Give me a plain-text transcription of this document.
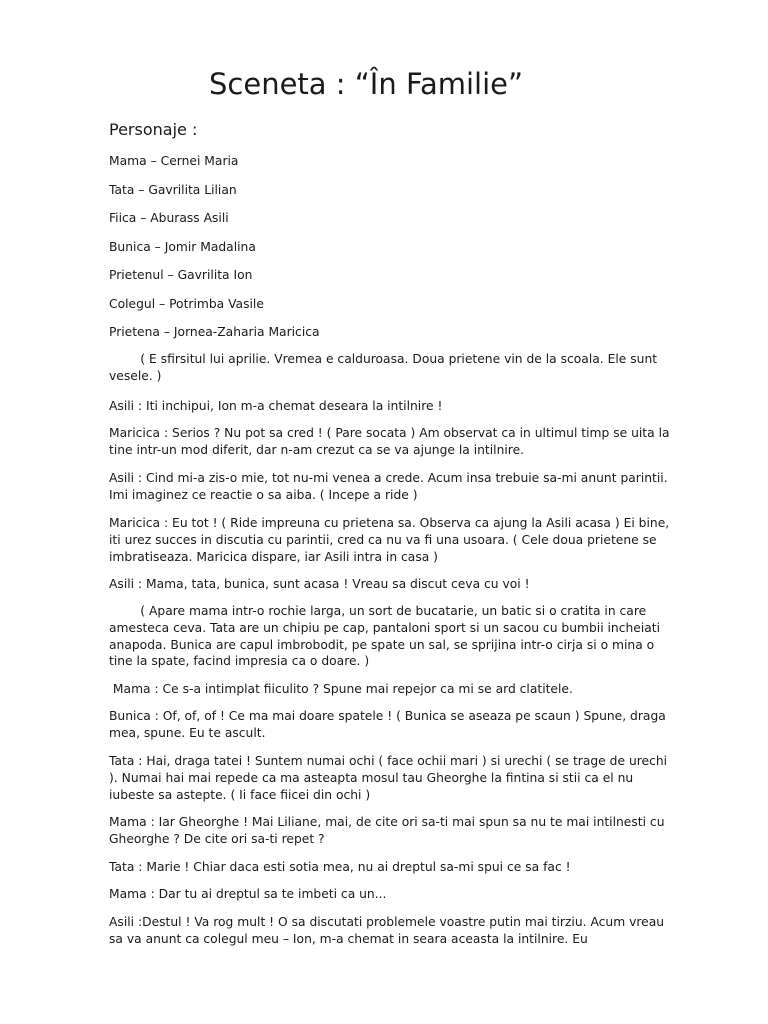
Sceneta : “În Familie”
Personaje :

Mama – Cernei Maria

Tata – Gavrilita Lilian

Fiica – Aburass Asili

Bunica – Jomir Madalina

Prietenul – Gavrilita Ion

Colegul – Potrimba Vasile

Prietena – Jornea-Zaharia Maricica

( E sfirsitul lui aprilie. Vremea e calduroasa. Doua prietene vin de la scoala. Ele sunt vesele. )

Asili : Iti inchipui, Ion m-a chemat deseara la intilnire !

Maricica : Serios ? Nu pot sa cred ! ( Pare socata ) Am observat ca in ultimul timp se uita la tine intr-un mod diferit, dar n-am crezut ca se va ajunge la intilnire.

Asili : Cind mi-a zis-o mie, tot nu-mi venea a crede. Acum insa trebuie sa-mi anunt parintii. Imi imaginez ce reactie o sa aiba. ( Incepe a ride )

Maricica : Eu tot ! ( Ride impreuna cu prietena sa. Observa ca ajung la Asili acasa ) Ei bine, iti urez succes in discutia cu parintii, cred ca nu va fi una usoara. ( Cele doua prietene se imbratiseaza. Maricica dispare, iar Asili intra in casa )

Asili : Mama, tata, bunica, sunt acasa ! Vreau sa discut ceva cu voi !

( Apare mama intr-o rochie larga, un sort de bucatarie, un batic si o cratita in care amesteca ceva. Tata are un chipiu pe cap, pantaloni sport si un sacou cu bumbii incheiati anapoda. Bunica are capul imbrobodit, pe spate un sal, se sprijina intr-o cirja si o mina o tine la spate, facind impresia ca o doare. )

Mama : Ce s-a intimplat fiiculito ? Spune mai repejor ca mi se ard clatitele.

Bunica : Of, of, of ! Ce ma mai doare spatele ! ( Bunica se aseaza pe scaun ) Spune, draga mea, spune. Eu te ascult.

Tata : Hai, draga tatei ! Suntem numai ochi ( face ochii mari ) si urechi ( se trage de urechi ). Numai hai mai repede ca ma asteapta mosul tau Gheorghe la fintina si stii ca el nu iubeste sa astepte. ( Ii face fiicei din ochi )

Mama : Iar Gheorghe ! Mai Liliane, mai, de cite ori sa-ti mai spun sa nu te mai intilnesti cu Gheorghe ? De cite ori sa-ti repet ?

Tata : Marie ! Chiar daca esti sotia mea, nu ai dreptul sa-mi spui ce sa fac !

Mama : Dar tu ai dreptul sa te imbeti ca un...

Asili :Destul ! Va rog mult ! O sa discutati problemele voastre putin mai tirziu. Acum vreau sa va anunt ca colegul meu – Ion, m-a chemat in seara aceasta la intilnire. Eu
